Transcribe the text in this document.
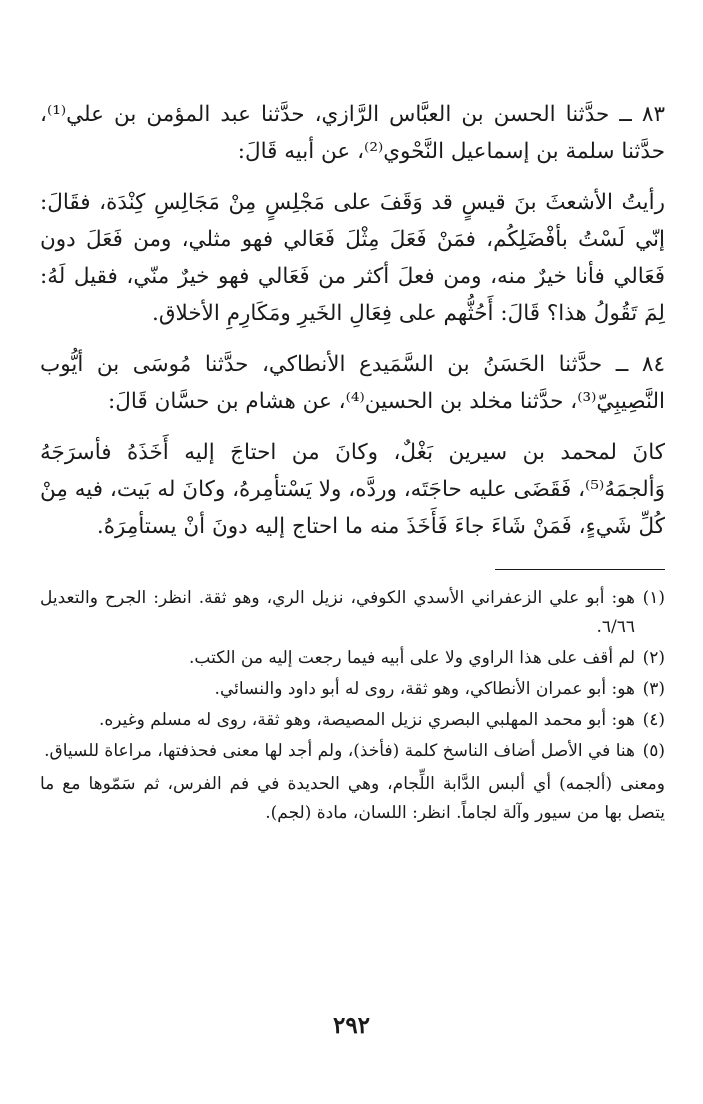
٨٣ ــ حدَّثنا الحسن بن العبَّاس الرَّازي، حدَّثنا عبد المؤمن بن علي⁽¹⁾، حدَّثنا سلمة بن إسماعيل النَّحْوي⁽²⁾، عن أبيه قَالَ:

رأيتُ الأشعثَ بنَ قيسٍ قد وَقَفَ على مَجْلِسٍ مِنْ مَجَالِسِ كِنْدَة، فقَالَ: إنّي لَسْتُ بأفْضَلِكُم، فمَنْ فَعَلَ مِثْلَ فَعَالي فهو مثلي، ومن فَعَلَ دون فَعَالي فأنا خيرٌ منه، ومن فعلَ أكثر من فَعَالي فهو خيرٌ منّي، فقيل لَهُ: لِمَ تَقُولُ هذا؟ قَالَ: أَحُثُّهم على فِعَالِ الخَيرِ ومَكَارِمِ الأخلاق.

٨٤ ــ حدَّثنا الحَسَنُ بن السَّمَيدع الأنطاكي، حدَّثنا مُوسَى بن أيُّوب النَّصِيبِيّ⁽³⁾، حدَّثنا مخلد بن الحسين⁽⁴⁾، عن هشام بن حسَّان قَالَ:

كانَ لمحمد بن سيرين بَغْلٌ، وكانَ من احتاجَ إليه أَخَذَهُ فأسرَجَهُ وَألجمَهُ⁽⁵⁾، فَقَضَى عليه حاجَتَه، وردَّه، ولا يَسْتأمِرهُ، وكانَ له بَيت، فيه مِنْ كُلِّ شَيءٍ، فَمَنْ شَاءَ جاءَ فَأَخَذَ منه ما احتاج إليه دونَ أنْ يستأمِرَهُ.

(١)
هو: أبو علي الزعفراني الأسدي الكوفي، نزيل الري، وهو ثقة. انظر: الجرح والتعديل ٦/٦٦.
(٢)
لم أقف على هذا الراوي ولا على أبيه فيما رجعت إليه من الكتب.
(٣)
هو: أبو عمران الأنطاكي، وهو ثقة، روى له أبو داود والنسائي.
(٤)
هو: أبو محمد المهلبي البصري نزيل المصيصة، وهو ثقة، روى له مسلم وغيره.
(٥)
هنا في الأصل أضاف الناسخ كلمة (فأخذ)، ولم أجد لها معنى فحذفتها، مراعاة للسياق.

ومعنى (ألجمه) أي ألبس الدَّابة اللِّجام، وهي الحديدة في فم الفرس، ثم سَمّوها مع ما يتصل بها من سيور وآلة لجاماً. انظر: اللسان، مادة (لجم).

٢٩٢
